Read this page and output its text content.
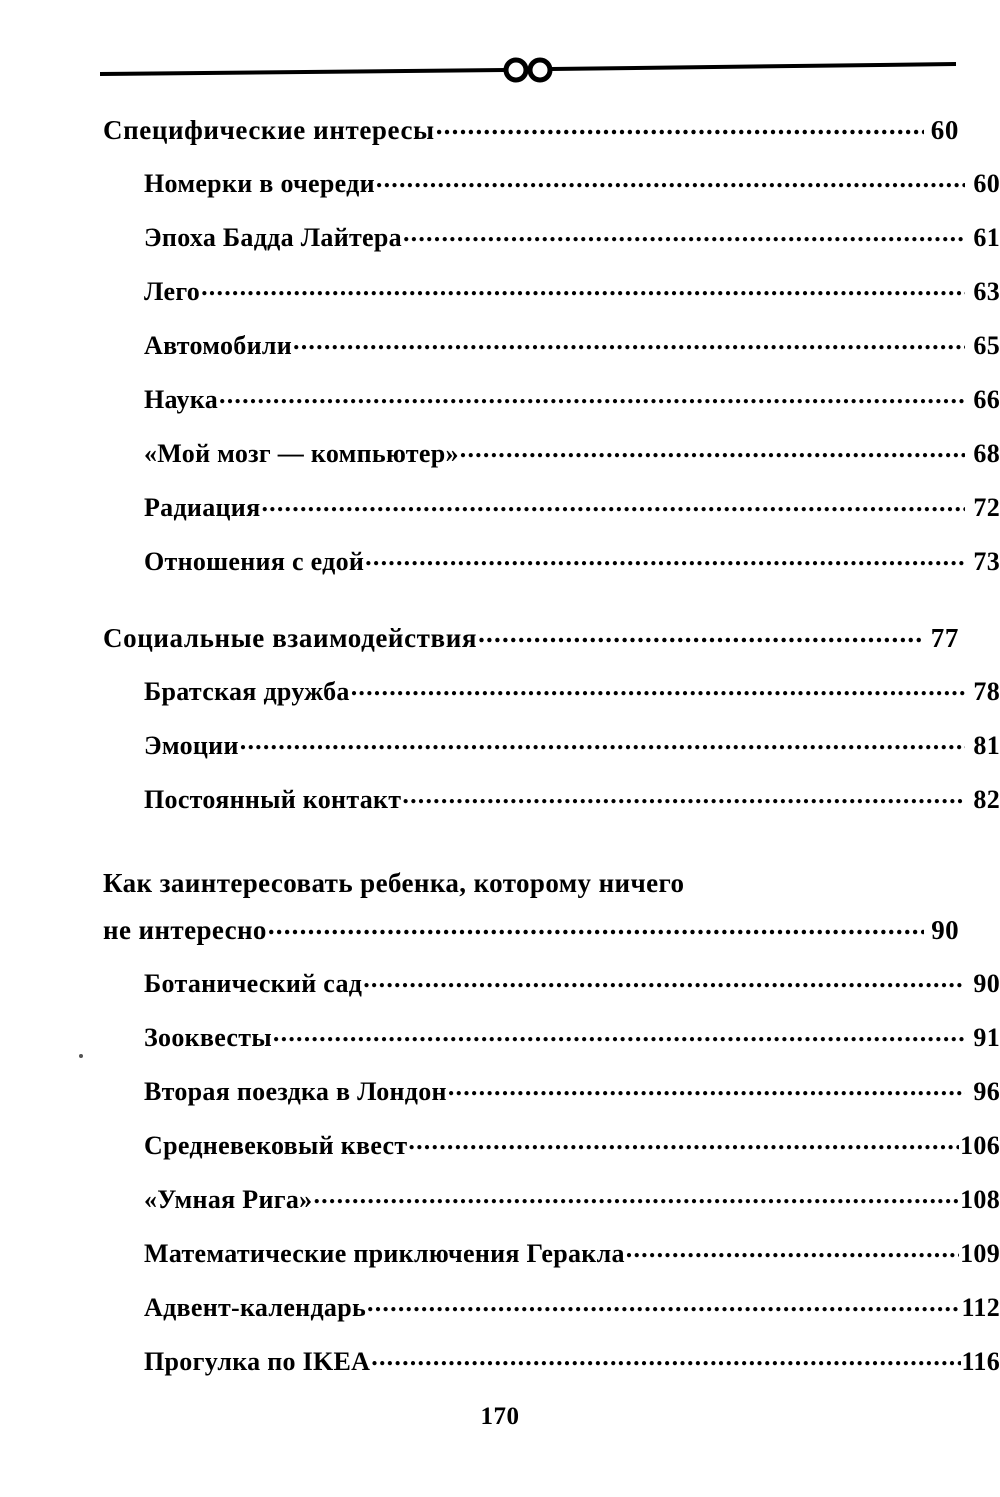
Специфические интересы .....	60
Номерки в очереди .....	60
Эпоха Бадда Лайтера .....	61
Лего .....	63
Автомобили .....	65
Наука .....	66
«Мой мозг — компьютер» .....	68
Радиация .....	72
Отношения с едой .....	73
Социальные взаимодействия .....	77
Братская дружба .....	78
Эмоции .....	81
Постоянный контакт .....	82
Как заинтересовать ребенка, которому ничего
не интересно .....	90
Ботанический сад .....	90
Зооквесты .....	91
Вторая поездка в Лондон .....	96
Средневековый квест .....	106
«Умная Рига» .....	108
Математические приключения Геракла .....	109
Адвент-календарь .....	112
Прогулка по IKEA .....	116
170
